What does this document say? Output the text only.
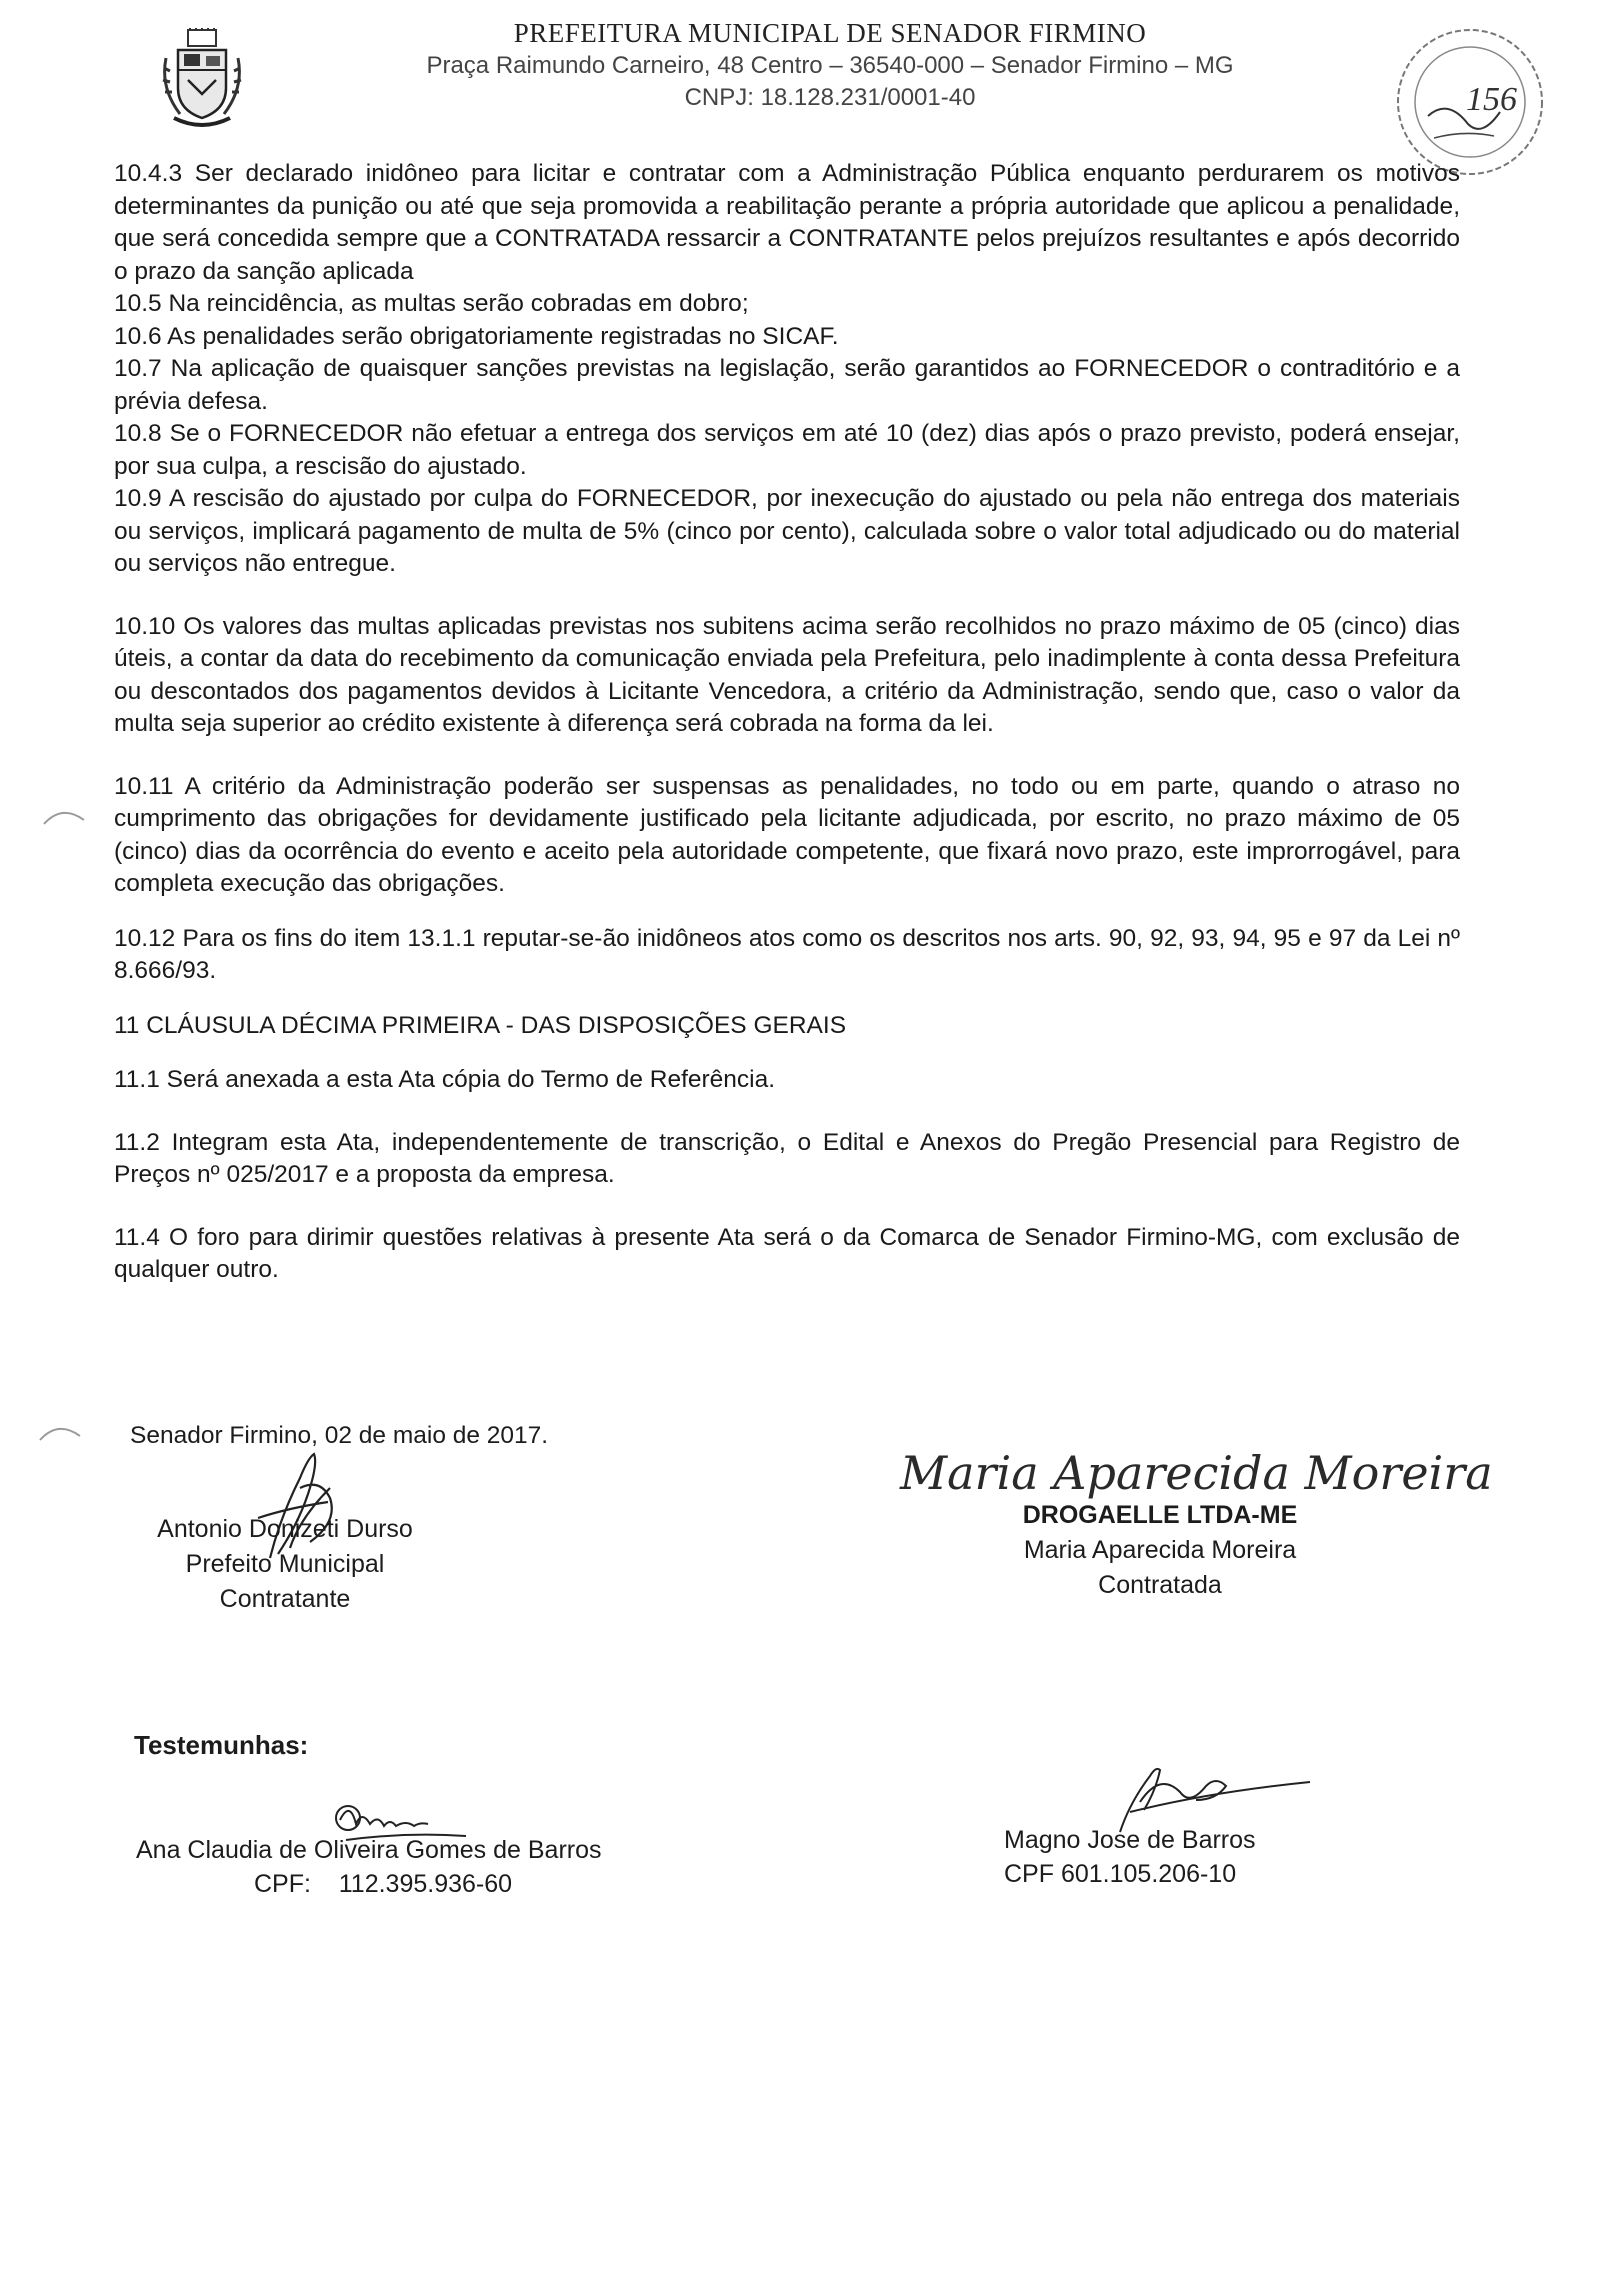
PREFEITURA MUNICIPAL DE SENADOR FIRMINO
Praça Raimundo Carneiro, 48 Centro – 36540-000 – Senador Firmino – MG
CNPJ: 18.128.231/0001-40	156

10.4.3 Ser declarado inidôneo para licitar e contratar com a Administração Pública enquanto perdurarem os motivos determinantes da punição ou até que seja promovida a reabilitação perante a própria autoridade que aplicou a penalidade, que será concedida sempre que a CONTRATADA ressarcir a CONTRATANTE pelos prejuízos resultantes e após decorrido o prazo da sanção aplicada

10.5 Na reincidência, as multas serão cobradas em dobro;

10.6 As penalidades serão obrigatoriamente registradas no SICAF.

10.7 Na aplicação de quaisquer sanções previstas na legislação, serão garantidos ao FORNECEDOR o contraditório e a prévia defesa.

10.8 Se o FORNECEDOR não efetuar a entrega dos serviços em até 10 (dez) dias após o prazo previsto, poderá ensejar, por sua culpa, a rescisão do ajustado.

10.9 A rescisão do ajustado por culpa do FORNECEDOR, por inexecução do ajustado ou pela não entrega dos materiais ou serviços, implicará pagamento de multa de 5% (cinco por cento), calculada sobre o valor total adjudicado ou do material ou serviços não entregue.

10.10 Os valores das multas aplicadas previstas nos subitens acima serão recolhidos no prazo máximo de 05 (cinco) dias úteis, a contar da data do recebimento da comunicação enviada pela Prefeitura, pelo inadimplente à conta dessa Prefeitura ou descontados dos pagamentos devidos à Licitante Vencedora, a critério da Administração, sendo que, caso o valor da multa seja superior ao crédito existente à diferença será cobrada na forma da lei.

10.11 A critério da Administração poderão ser suspensas as penalidades, no todo ou em parte, quando o atraso no cumprimento das obrigações for devidamente justificado pela licitante adjudicada, por escrito, no prazo máximo de 05 (cinco) dias da ocorrência do evento e aceito pela autoridade competente, que fixará novo prazo, este improrrogável, para completa execução das obrigações.

10.12 Para os fins do item 13.1.1 reputar-se-ão inidôneos atos como os descritos nos arts. 90, 92, 93, 94, 95 e 97 da Lei nº 8.666/93.

11 CLÁUSULA DÉCIMA PRIMEIRA - DAS DISPOSIÇÕES GERAIS

11.1 Será anexada a esta Ata cópia do Termo de Referência.

11.2 Integram esta Ata, independentemente de transcrição, o Edital e Anexos do Pregão Presencial para Registro de Preços nº 025/2017 e a proposta da empresa.

11.4 O foro para dirimir questões relativas à presente Ata será o da Comarca de Senador Firmino-MG, com exclusão de qualquer outro.

Senador Firmino, 02 de maio de 2017.
Antonio Donizeti Durso
Prefeito Municipal
Contratante
Maria Aparecida Moreira
DROGAELLE LTDA-ME
Maria Aparecida Moreira
Contratada
Testemunhas:
Ana Claudia de Oliveira Gomes de Barros
CPF: 112.395.936-60
Magno Jose de Barros
CPF 601.105.206-10
